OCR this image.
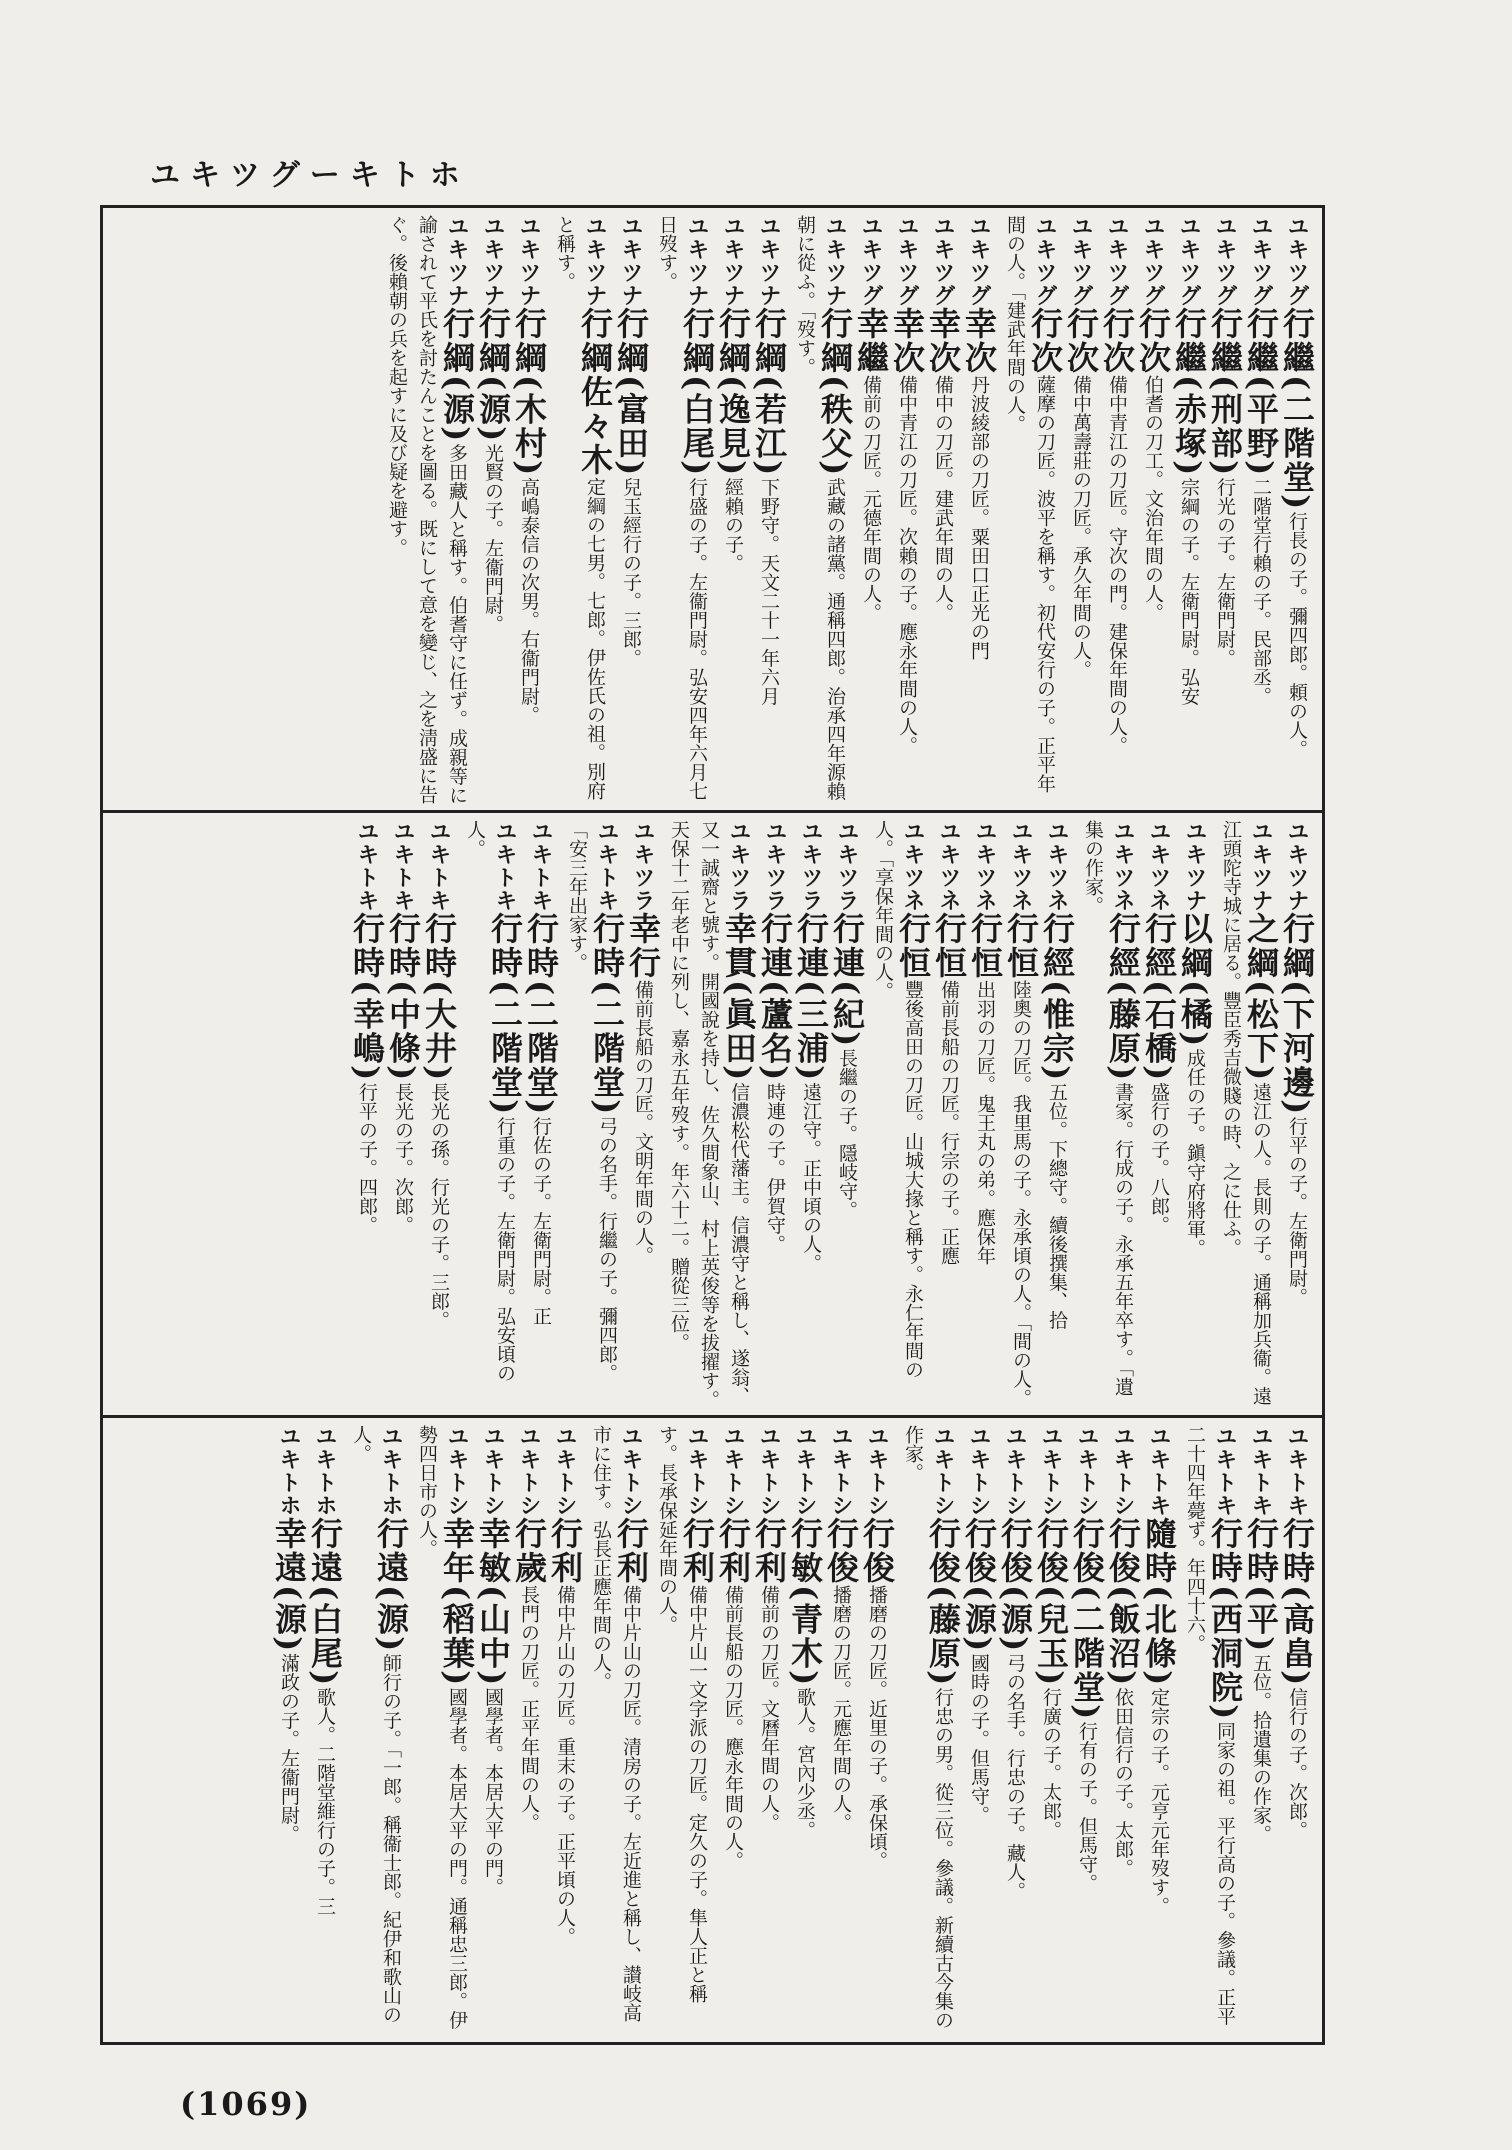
ユキツグーキトホ
ユキツグ行繼(二階堂)行長の子。彌四郎。頼の人。
ユキツグ行繼(平野)二階堂行賴の子。民部丞。
ユキツグ行繼(刑部)行光の子。左衛門尉。
ユキツグ行繼(赤塚)宗綱の子。左衛門尉。弘安
ユキツグ行次伯耆の刀工。文治年間の人。
ユキツグ行次備中青江の刀匠。守次の門。建保年間の人。
ユキツグ行次備中萬壽莊の刀匠。承久年間の人。
ユキツグ行次薩摩の刀匠。波平を稱す。初代安行の子。正平年間の人。「建武年間の人。
ユキツグ幸次丹波綾部の刀匠。粟田口正光の門
ユキツグ幸次備中の刀匠。建武年間の人。
ユキツグ幸次備中青江の刀匠。次賴の子。應永年間の人。
ユキツグ幸繼備前の刀匠。元德年間の人。
ユキツナ行綱(秩父)武藏の諸黨。通稱四郎。治承四年源賴朝に從ふ。「歿す。
ユキツナ行綱(若江)下野守。天文二十一年六月
ユキツナ行綱(逸見)經賴の子。
ユキツナ行綱(白尾)行盛の子。左衞門尉。弘安四年六月七日歿す。
ユキツナ行綱(富田)兒玉經行の子。三郎。
ユキツナ行綱佐々木定綱の七男。七郎。伊佐氏の祖。別府と稱す。
ユキツナ行綱(木村)高嶋泰信の次男。右衞門尉。
ユキツナ行綱(源)光賢の子。左衞門尉。
ユキツナ行綱(源)多田藏人と稱す。伯耆守に任ず。成親等に諭されて平氏を討たんことを圖る。既にして意を變じ、之を淸盛に告ぐ。後賴朝の兵を起すに及び疑を避す。
ユキツナ行綱(下河邊)行平の子。左衛門尉。
ユキツナ之綱(松下)遠江の人。長則の子。通稱加兵衞。遠江頭陀寺城に居る。豐臣秀吉微賤の時、之に仕ふ。
ユキツナ以綱(橘)成任の子。鎭守府將軍。
ユキツネ行經(石橋)盛行の子。八郎。
ユキツネ行經(藤原)書家。行成の子。永承五年卒す。「遺集の作家。
ユキツネ行經(惟宗)五位。下總守。續後撰集、拾
ユキツネ行恒陸奧の刀匠。我里馬の子。永承頃の人。「間の人。
ユキツネ行恒出羽の刀匠。鬼王丸の弟。應保年
ユキツネ行恒備前長船の刀匠。行宗の子。正應
ユキツネ行恒豐後高田の刀匠。山城大掾と稱す。永仁年間の人。「享保年間の人。
ユキツラ行連(紀)長繼の子。隱岐守。
ユキツラ行連(三浦)遠江守。正中頃の人。
ユキツラ行連(蘆名)時連の子。伊賀守。
ユキツラ幸貫(眞田)信濃松代藩主。信濃守と稱し、遂翁、又一誠齋と號す。開國說を持し、佐久間象山、村上英俊等を拔擢す。天保十二年老中に列し、嘉永五年歿す。年六十二。贈從三位。
ユキツラ幸行備前長船の刀匠。文明年間の人。
ユキトキ行時(二階堂)弓の名手。行繼の子。彌四郎。「安三年出家す。
ユキトキ行時(二階堂)行佐の子。左衛門尉。正
ユキトキ行時(二階堂)行重の子。左衛門尉。弘安頃の人。
ユキトキ行時(大井)長光の孫。行光の子。三郎。
ユキトキ行時(中條)長光の子。次郎。
ユキトキ行時(幸嶋)行平の子。四郎。
ユキトキ行時(高畠)信行の子。次郎。
ユキトキ行時(平)五位。拾遺集の作家。
ユキトキ行時(西洞院)同家の祖。平行高の子。參議。正平二十四年薨ず。年四十六。
ユキトキ隨時(北條)定宗の子。元亨元年歿す。
ユキトシ行俊(飯沼)依田信行の子。太郎。
ユキトシ行俊(二階堂)行有の子。但馬守。
ユキトシ行俊(兒玉)行廣の子。太郎。
ユキトシ行俊(源)弓の名手。行忠の子。藏人。
ユキトシ行俊(源)國時の子。但馬守。
ユキトシ行俊(藤原)行忠の男。從三位。參議。新續古今集の作家。
ユキトシ行俊播磨の刀匠。近里の子。承保頃。
ユキトシ行俊播磨の刀匠。元應年間の人。
ユキトシ行敏(青木)歌人。宮內少丞。
ユキトシ行利備前の刀匠。文曆年間の人。
ユキトシ行利備前長船の刀匠。應永年間の人。
ユキトシ行利備中片山一文字派の刀匠。定久の子。隼人正と稱す。長承保延年間の人。
ユキトシ行利備中片山の刀匠。清房の子。左近進と稱し、讃岐高市に住す。弘長正應年間の人。
ユキトシ行利備中片山の刀匠。重末の子。正平頃の人。
ユキトシ行歲長門の刀匠。正平年間の人。
ユキトシ幸敏(山中)國學者。本居大平の門。
ユキトシ幸年(稻葉)國學者。本居大平の門。通稱忠三郎。伊勢四日市の人。
ユキトホ行遠(源)師行の子。「一郎。稱衞士郎。紀伊和歌山の人。
ユキトホ行遠(白尾)歌人。二階堂維行の子。三
ユキトホ幸遠(源)滿政の子。左衞門尉。
(1069)
